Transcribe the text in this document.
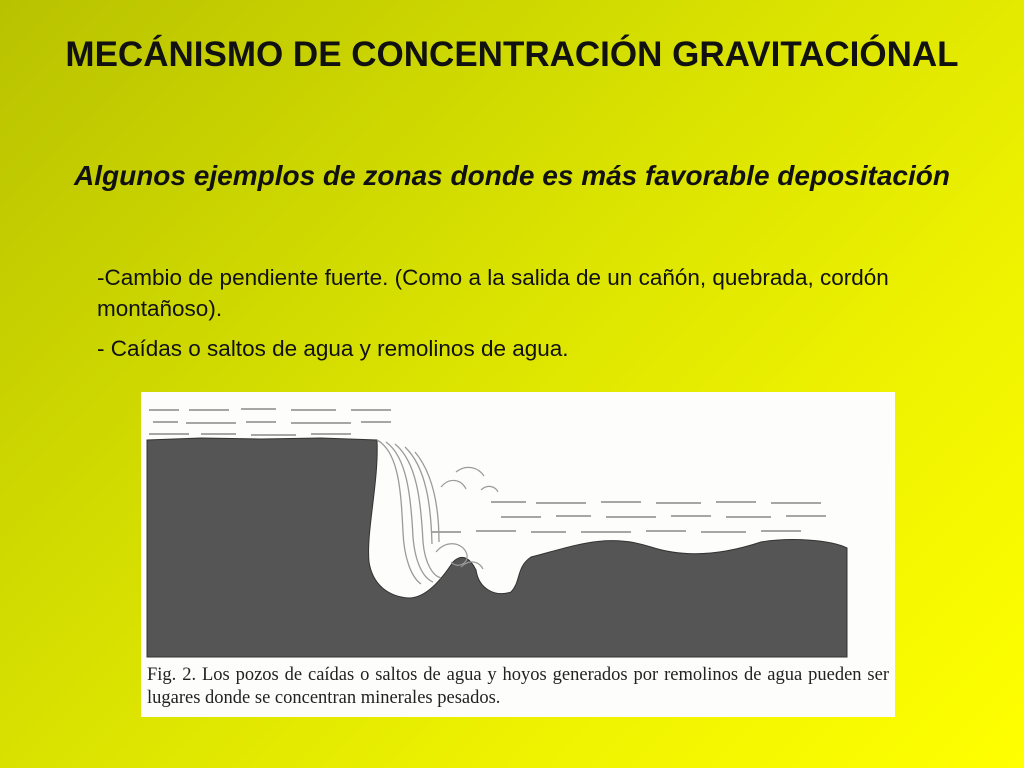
MECÁNISMO DE CONCENTRACIÓN GRAVITACIÓNAL
Algunos ejemplos de zonas donde es más favorable depositación
-Cambio de pendiente fuerte. (Como a la salida de un cañón, quebrada, cordón montañoso).
- Caídas o saltos de agua y remolinos de agua.

Fig. 2. Los pozos de caídas o saltos de agua y hoyos generados por remolinos de agua pueden ser lugares donde se concentran minerales pesados.
